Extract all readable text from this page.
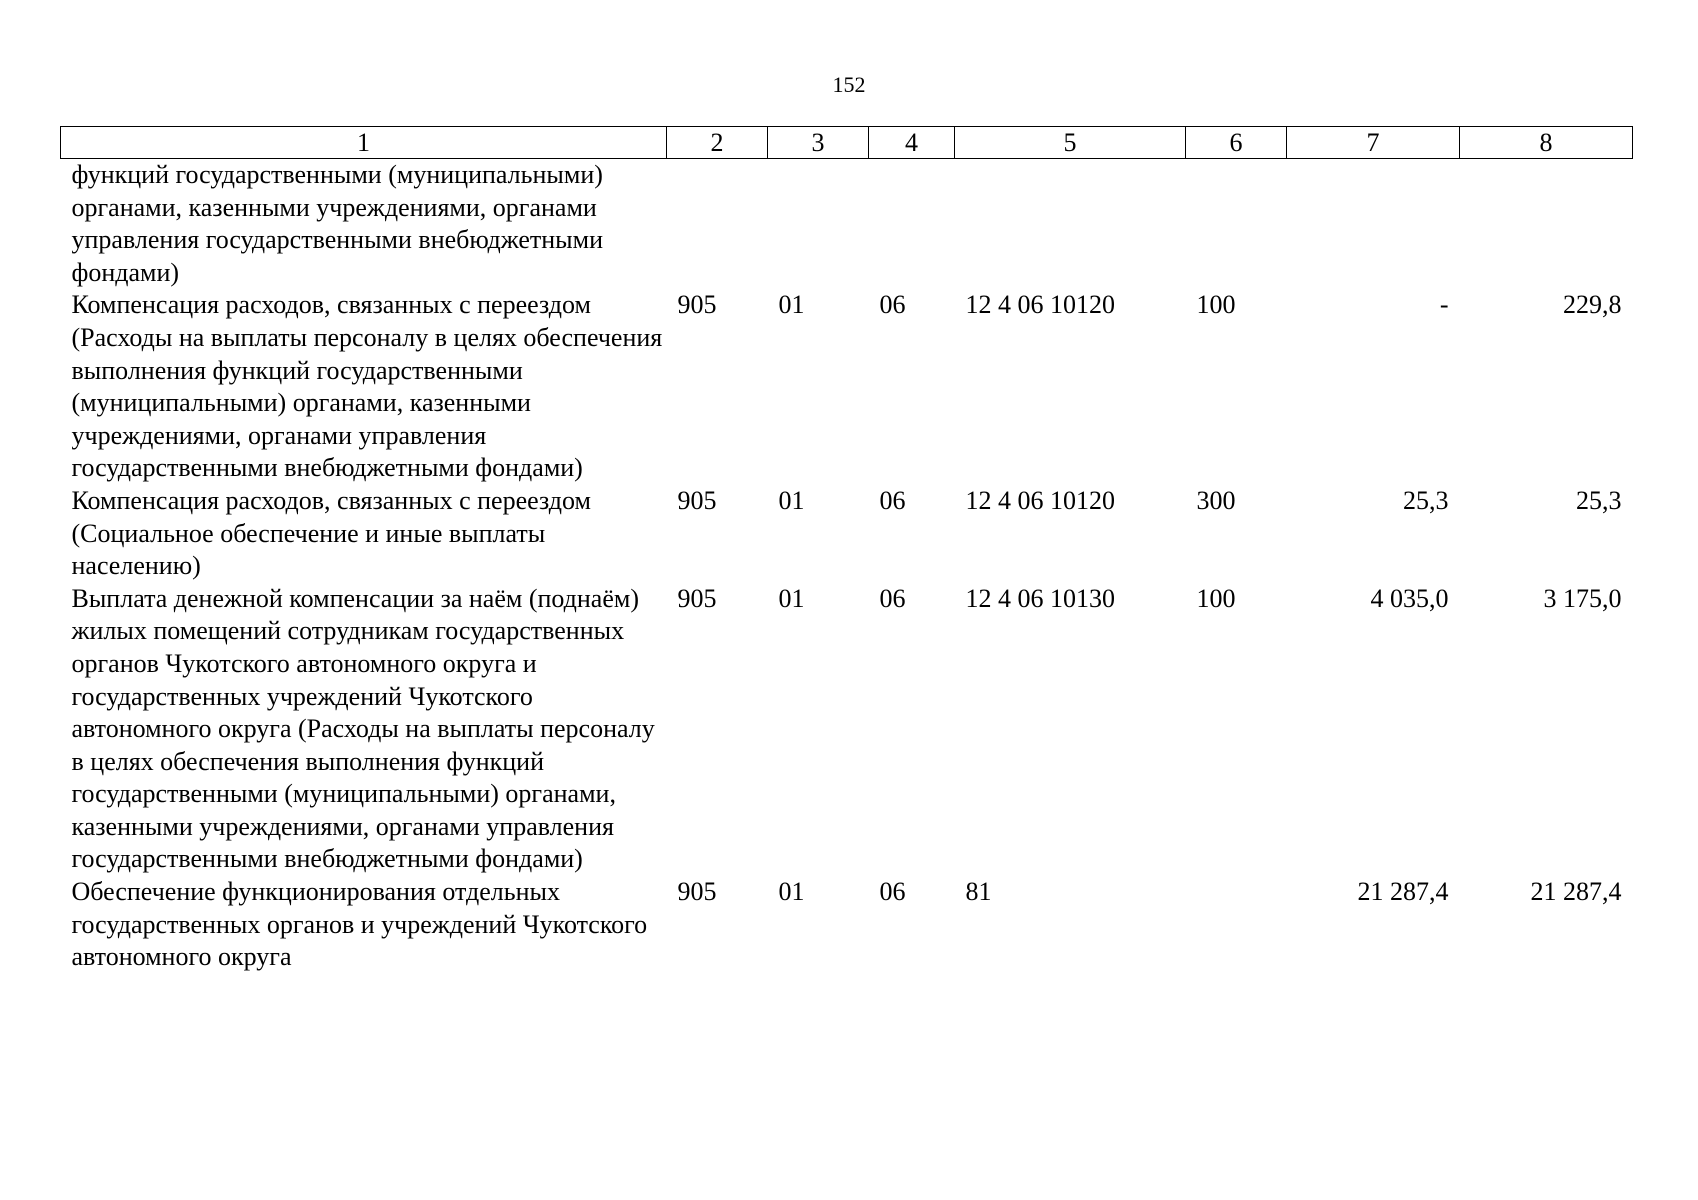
152
1	2	3	4	5	6	7	8
функций государственными (муниципальными) органами, казенными учреждениями, органами управления государственными внебюджетными фондами)							
Компенсация расходов, связанных с переездом (Расходы на выплаты персоналу в целях обеспечения выполнения функций государственными (муниципальными) органами, казенными учреждениями, органами управления государственными внебюджетными фондами)	905	01	06	12 4 06 10120	100	-	229,8
Компенсация расходов, связанных с переездом (Социальное обеспечение и иные выплаты населению)	905	01	06	12 4 06 10120	300	25,3	25,3
Выплата денежной компенсации за наём (поднаём) жилых помещений сотрудникам государственных органов Чукотского автономного округа и государственных учреждений Чукотского автономного округа (Расходы на выплаты персоналу в целях обеспечения выполнения функций государственными (муниципальными) органами, казенными учреждениями, органами управления государственными внебюджетными фондами)	905	01	06	12 4 06 10130	100	4 035,0	3 175,0
Обеспечение функционирования отдельных государственных органов и учреждений Чукотского автономного округа	905	01	06	81		21 287,4	21 287,4
